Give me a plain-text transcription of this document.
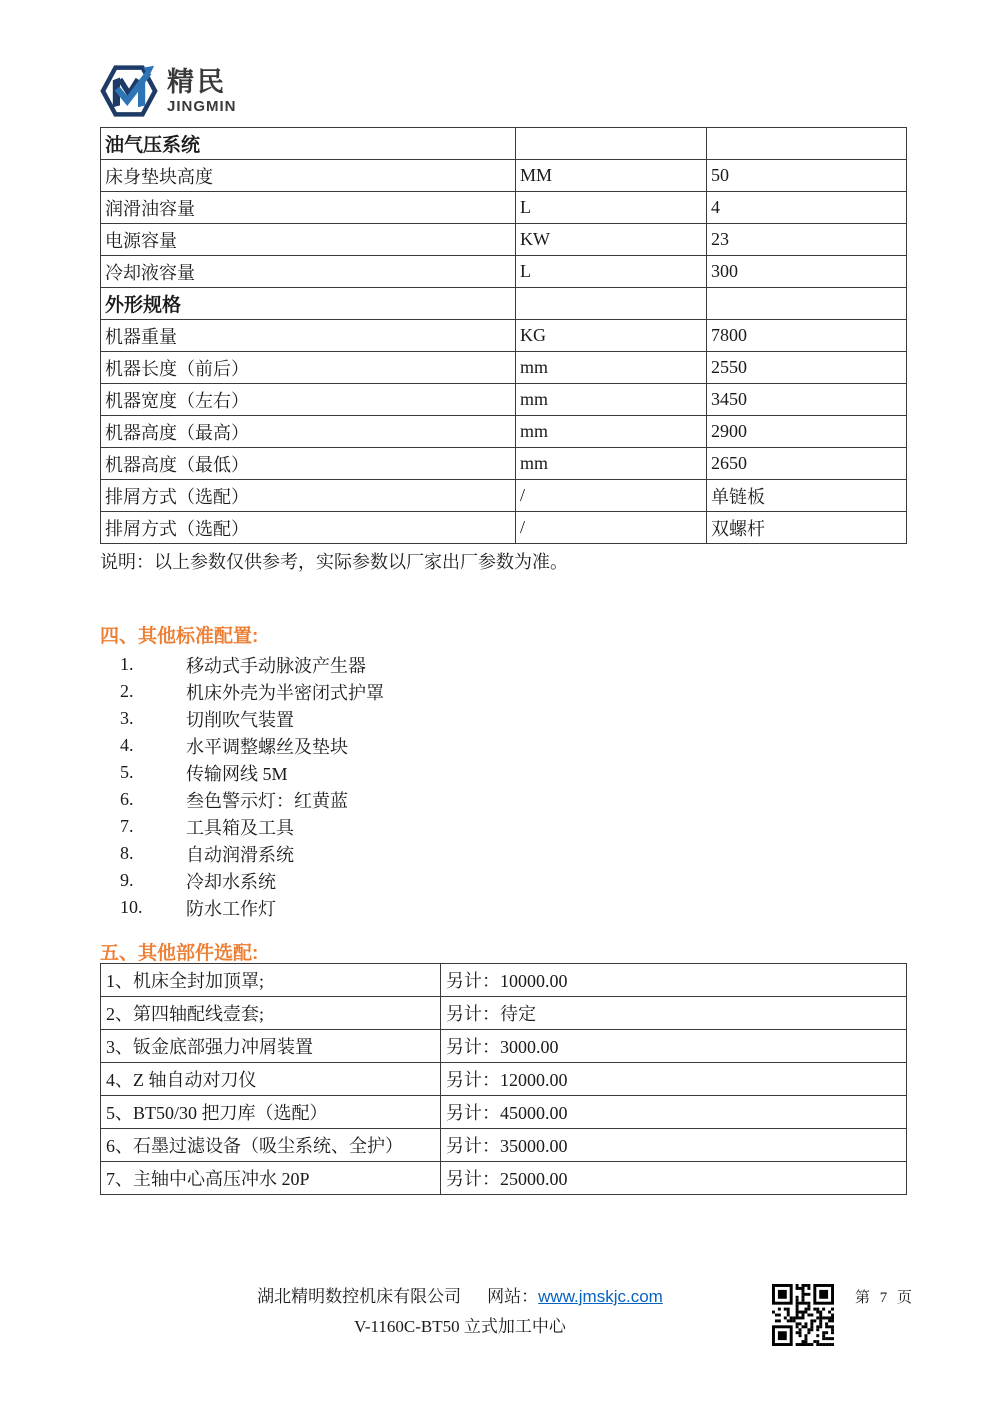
精民
JINGMIN
油气压系统		
床身垫块高度	MM	50
润滑油容量	L	4
电源容量	KW	23
冷却液容量	L	300
外形规格		
机器重量	KG	7800
机器长度（前后）	mm	2550
机器宽度（左右）	mm	3450
机器高度（最高）	mm	2900
机器高度（最低）	mm	2650
排屑方式（选配）	/	单链板
排屑方式（选配）	/	双螺杆
说明：以上参数仅供参考，实际参数以厂家出厂参数为准。
四、其他标准配置:
1.	移动式手动脉波产生器
2.	机床外壳为半密闭式护罩
3.	切削吹气装置
4.	水平调整螺丝及垫块
5.	传输网线 5M
6.	叁色警示灯：红黄蓝
7.	工具箱及工具
8.	自动润滑系统
9.	冷却水系统
10.	防水工作灯
五、其他部件选配:
1、机床全封加顶罩;	另计：10000.00
2、第四轴配线壹套;	另计：待定
3、钣金底部强力冲屑装置	另计：3000.00
4、Z 轴自动对刀仪	另计：12000.00
5、BT50/30 把刀库（选配）	另计：45000.00
6、石墨过滤设备（吸尘系统、全护）	另计：35000.00
7、主轴中心高压冲水 20P	另计：25000.00
湖北精明数控机床有限公司 网站：www.jmskjc.com
V-1160C-BT50 立式加工中心
第 7 页
